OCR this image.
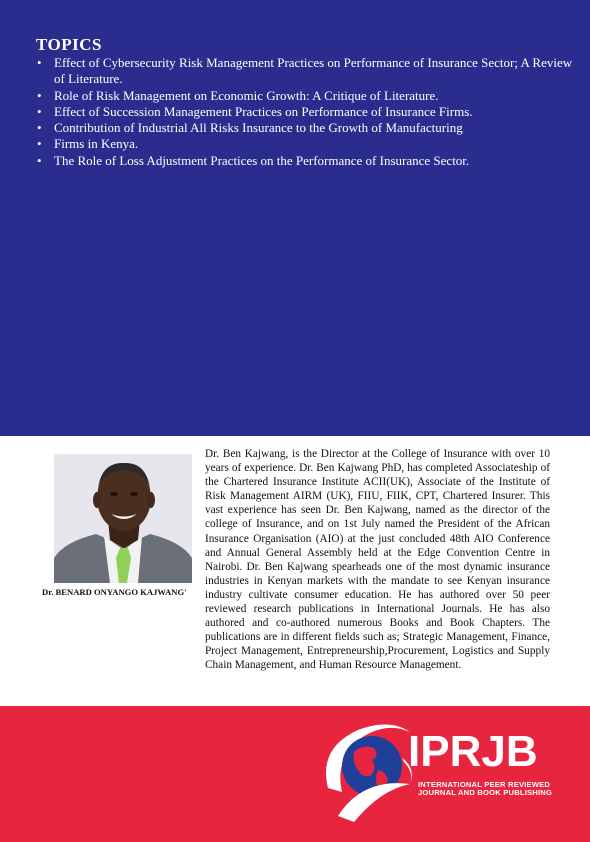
TOPICS
• Effect of Cybersecurity Risk Management Practices on Performance of Insurance Sector; A Review of Literature.
• Role of Risk Management on Economic Growth: A Critique of Literature.
• Effect of Succession Management Practices on Performance of Insurance Firms.
• Contribution of Industrial All Risks Insurance to the Growth of Manufacturing
• Firms in Kenya.
• The Role of Loss Adjustment Practices on the Performance of Insurance Sector.
Dr. BENARD ONYANGO KAJWANG'

Dr. Ben Kajwang, is the Director at the College of Insurance with over 10 years of experience. Dr. Ben Kajwang PhD, has completed Associateship of the Chartered Insurance Institute ACII(UK), Associate of the Institute of Risk Management AIRM (UK), FIIU, FIIK, CPT, Chartered Insurer. This vast experience has seen Dr. Ben Kajwang, named as the director of the college of Insurance, and on 1st July named the President of the African Insurance Organisation (AIO) at the just concluded 48th AIO Conference and Annual General Assembly held at the Edge Convention Centre in Nairobi. Dr. Ben Kajwang spearheads one of the most dynamic insurance industries in Kenyan markets with the mandate to see Kenyan insurance industry cultivate consumer education. He has authored over 50 peer reviewed research publications in International Journals. He has also authored and co-authored numerous Books and Book Chapters. The publications are in different fields such as; Strategic Management, Finance, Project Management, Entrepreneurship,Procurement, Logistics and Supply Chain Management, and Human Resource Management.

IPRJB
INTERNATIONAL PEER REVIEWED JOURNAL AND BOOK PUBLISHING
